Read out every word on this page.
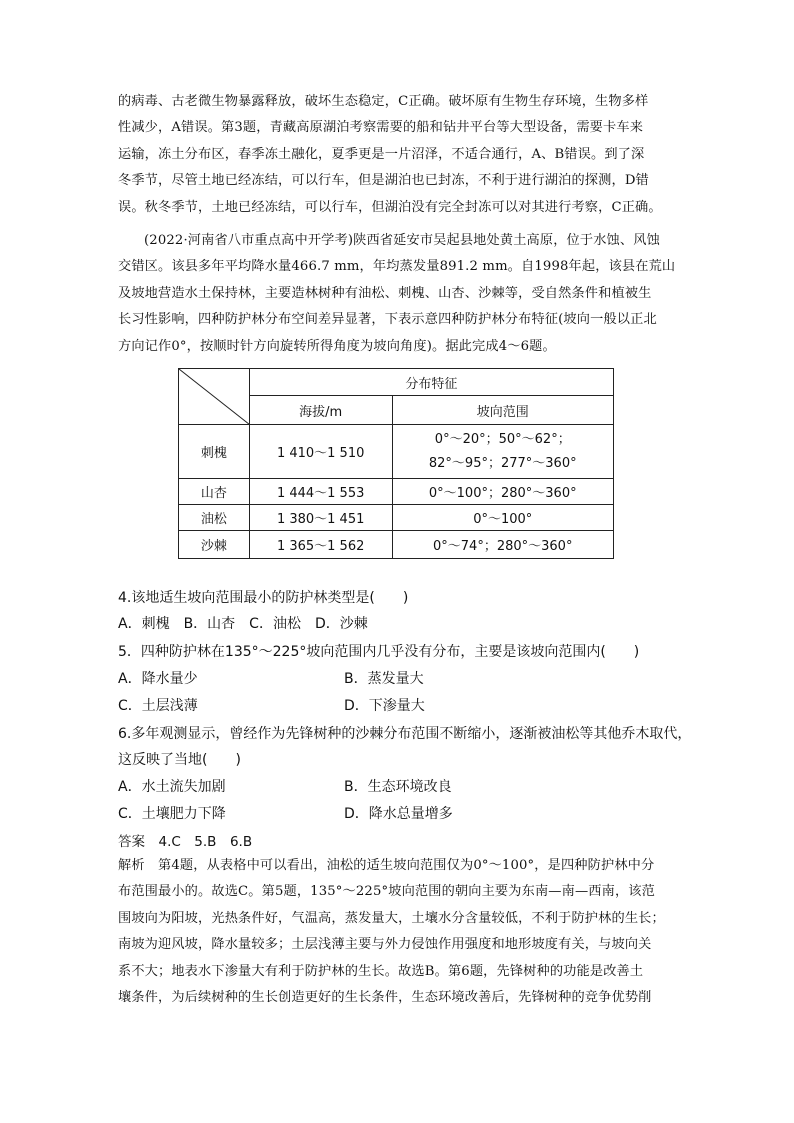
的病毒、古老微生物暴露释放，破坏生态稳定，C正确。破坏原有生物生存环境，生物多样
性减少，A错误。第3题，青藏高原湖泊考察需要的船和钻井平台等大型设备，需要卡车来
运输，冻土分布区，春季冻土融化，夏季更是一片沼泽，不适合通行，A、B错误。到了深
冬季节，尽管土地已经冻结，可以行车，但是湖泊也已封冻，不利于进行湖泊的探测，D错
误。秋冬季节，土地已经冻结，可以行车，但湖泊没有完全封冻可以对其进行考察，C正确。
(2022·河南省八市重点高中开学考)陕西省延安市吴起县地处黄土高原，位于水蚀、风蚀
交错区。该县多年平均降水量466.7 mm，年均蒸发量891.2 mm。自1998年起，该县在荒山
及坡地营造水土保持林，主要造林树种有油松、刺槐、山杏、沙棘等，受自然条件和植被生
长习性影响，四种防护林分布空间差异显著，下表示意四种防护林分布特征(坡向一般以正北
方向记作0°，按顺时针方向旋转所得角度为坡向角度)。据此完成4～6题。
	分布特征	
	海拔/m	坡向范围
刺槐	1 410～1 510	0°～20°；50°～62°；
82°～95°；277°～360°

山杏	1 444～1 553	0°～100°；280°～360°
油松	1 380～1 451	0°～100°
沙棘	1 365～1 562	0°～74°；280°～360°

4.该地适生坡向范围最小的防护林类型是(　　)

A．刺槐　B．山杏　C．油松　D．沙棘

5．四种防护林在135°～225°坡向范围内几乎没有分布，主要是该坡向范围内(　　)

A．降水量少	B．蒸发量大
C．土层浅薄	D．下渗量大

6.多年观测显示，曾经作为先锋树种的沙棘分布范围不断缩小，逐渐被油松等其他乔木取代，

这反映了当地(　　)

A．水土流失加剧	B．生态环境改良
C．土壤肥力下降	D．降水总量增多
答案　4.C　5.B　6.B
解析　第4题，从表格中可以看出，油松的适生坡向范围仅为0°～100°，是四种防护林中分
布范围最小的。故选C。第5题，135°～225°坡向范围的朝向主要为东南—南—西南，该范
围坡向为阳坡，光热条件好，气温高，蒸发量大，土壤水分含量较低，不利于防护林的生长；
南坡为迎风坡，降水量较多；土层浅薄主要与外力侵蚀作用强度和地形坡度有关，与坡向关
系不大；地表水下渗量大有利于防护林的生长。故选B。第6题，先锋树种的功能是改善土
壤条件，为后续树种的生长创造更好的生长条件，生态环境改善后，先锋树种的竞争优势削
